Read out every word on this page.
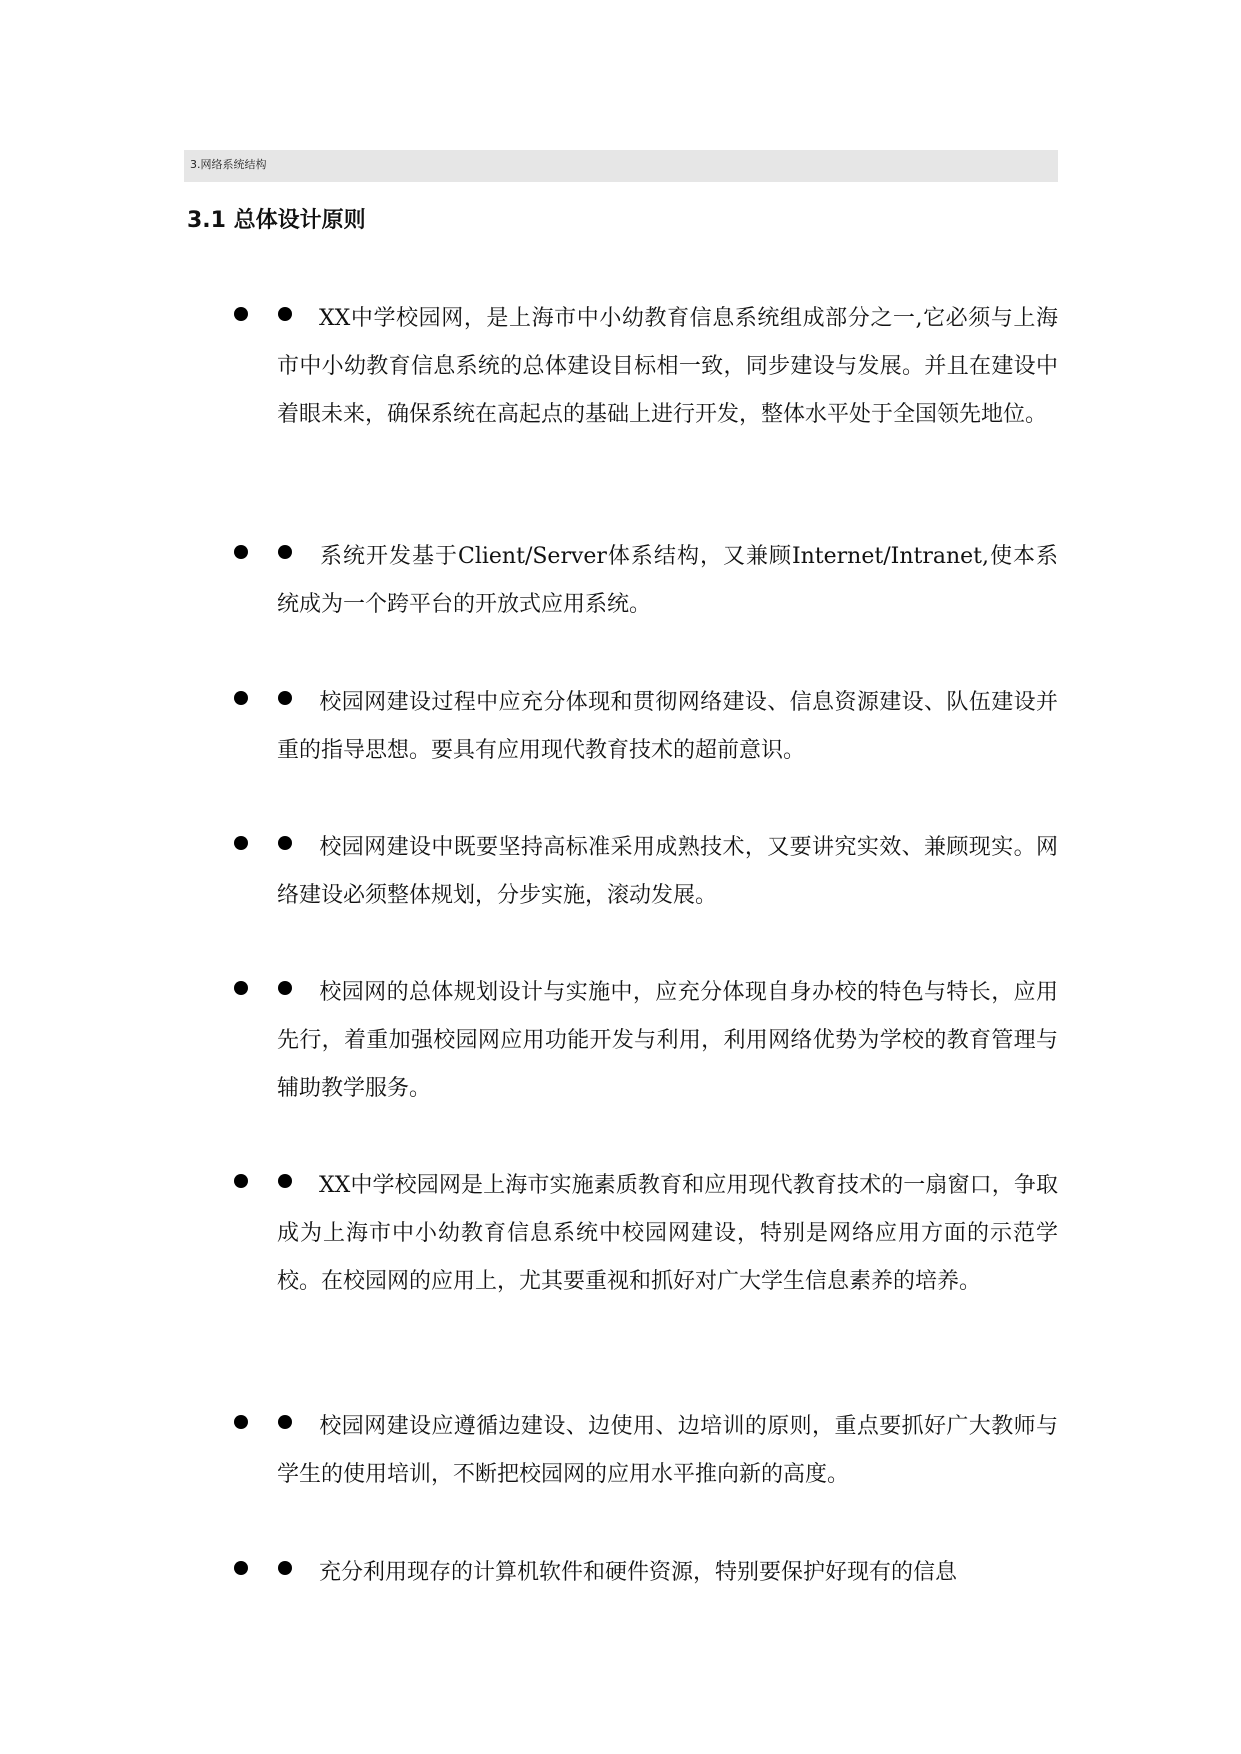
3.网络系统结构
3.1 总体设计原则

XX中学校园网，是上海市中小幼教育信息系统组成部分之一,它必须与上海市中小幼教育信息系统的总体建设目标相一致，同步建设与发展。并且在建设中着眼未来，确保系统在高起点的基础上进行开发，整体水平处于全国领先地位。

系统开发基于Client/Server体系结构，又兼顾Internet/Intranet,使本系统成为一个跨平台的开放式应用系统。

校园网建设过程中应充分体现和贯彻网络建设、信息资源建设、队伍建设并重的指导思想。要具有应用现代教育技术的超前意识。

校园网建设中既要坚持高标准采用成熟技术，又要讲究实效、兼顾现实。网络建设必须整体规划，分步实施，滚动发展。

校园网的总体规划设计与实施中，应充分体现自身办校的特色与特长，应用先行，着重加强校园网应用功能开发与利用，利用网络优势为学校的教育管理与辅助教学服务。

XX中学校园网是上海市实施素质教育和应用现代教育技术的一扇窗口，争取成为上海市中小幼教育信息系统中校园网建设，特别是网络应用方面的示范学校。在校园网的应用上，尤其要重视和抓好对广大学生信息素养的培养。

校园网建设应遵循边建设、边使用、边培训的原则，重点要抓好广大教师与学生的使用培训，不断把校园网的应用水平推向新的高度。

充分利用现存的计算机软件和硬件资源，特别要保护好现有的信息
